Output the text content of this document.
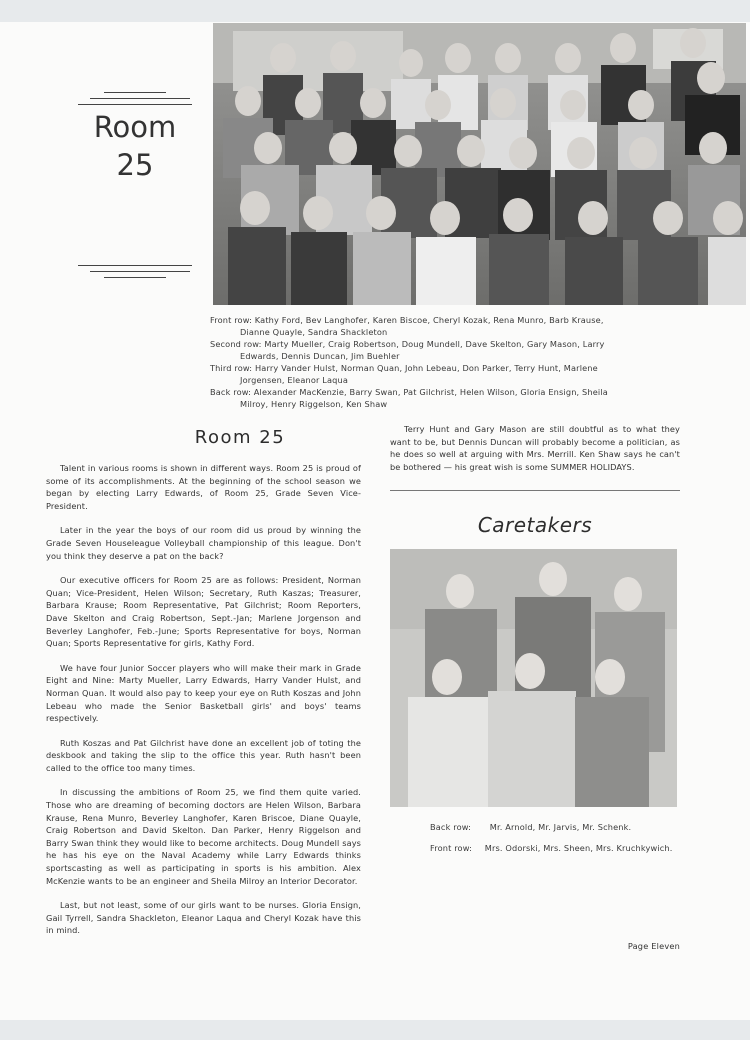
Room
25
Front row: Kathy Ford, Bev Langhofer, Karen Biscoe, Cheryl Kozak, Rena Munro, Barb Krause,
Dianne Quayle, Sandra Shackleton
Second row: Marty Mueller, Craig Robertson, Doug Mundell, Dave Skelton, Gary Mason, Larry
Edwards, Dennis Duncan, Jim Buehler
Third row: Harry Vander Hulst, Norman Quan, John Lebeau, Don Parker, Terry Hunt, Marlene
Jorgensen, Eleanor Laqua
Back row: Alexander MacKenzie, Barry Swan, Pat Gilchrist, Helen Wilson, Gloria Ensign, Sheila
Milroy, Henry Riggelson, Ken Shaw
Room 25

Talent in various rooms is shown in different ways. Room 25 is proud of some of its accomplishments. At the beginning of the school season we began by electing Larry Edwards, of Room 25, Grade Seven Vice-President.

Later in the year the boys of our room did us proud by winning the Grade Seven Houseleague Volleyball championship of this league. Don't you think they deserve a pat on the back?

Our executive officers for Room 25 are as follows: President, Norman Quan; Vice-President, Helen Wilson; Secretary, Ruth Kaszas; Treasurer, Barbara Krause; Room Representative, Pat Gilchrist; Room Reporters, Dave Skelton and Craig Robertson, Sept.-Jan; Marlene Jorgenson and Beverley Langhofer, Feb.-June; Sports Representative for boys, Norman Quan; Sports Representative for girls, Kathy Ford.

We have four Junior Soccer players who will make their mark in Grade Eight and Nine: Marty Mueller, Larry Edwards, Harry Vander Hulst, and Norman Quan. It would also pay to keep your eye on Ruth Koszas and John Lebeau who made the Senior Basketball girls' and boys' teams respectively.

Ruth Koszas and Pat Gilchrist have done an excellent job of toting the deskbook and taking the slip to the office this year. Ruth hasn't been called to the office too many times.

In discussing the ambitions of Room 25, we find them quite varied. Those who are dreaming of becoming doctors are Helen Wilson, Barbara Krause, Rena Munro, Beverley Langhofer, Karen Briscoe, Diane Quayle, Craig Robertson and David Skelton. Dan Parker, Henry Riggelson and Barry Swan think they would like to become architects. Doug Mundell says he has his eye on the Naval Academy while Larry Edwards thinks sportscasting as well as participating in sports is his ambition. Alex McKenzie wants to be an engineer and Sheila Milroy an Interior Decorator.

Last, but not least, some of our girls want to be nurses. Gloria Ensign, Gail Tyrrell, Sandra Shackleton, Eleanor Laqua and Cheryl Kozak have this in mind.

Terry Hunt and Gary Mason are still doubtful as to what they want to be, but Dennis Duncan will probably become a politician, as he does so well at arguing with Mrs. Merrill. Ken Shaw says he can't be bothered — his great wish is some SUMMER HOLIDAYS.

Caretakers
Back row: Mr. Arnold, Mr. Jarvis, Mr. Schenk.
Front row: Mrs. Odorski, Mrs. Sheen, Mrs. Kruchkywich.
Page Eleven
